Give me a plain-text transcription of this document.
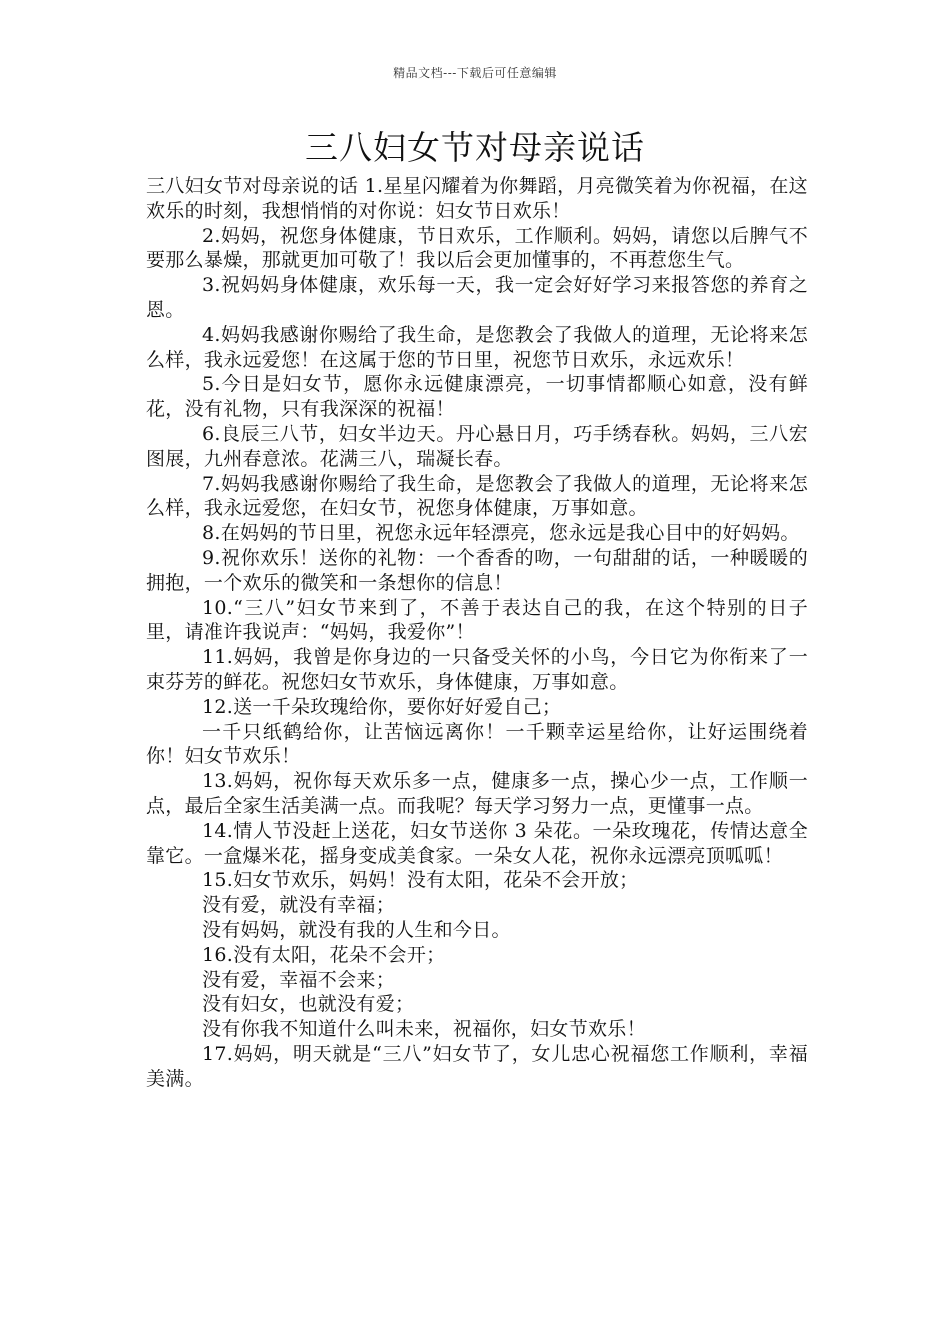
精品文档---下载后可任意编辑
三八妇女节对母亲说话

三八妇女节对母亲说的话 1.星星闪耀着为你舞蹈，月亮微笑着为你祝福，在这欢乐的时刻，我想悄悄的对你说：妇女节日欢乐！

2.妈妈，祝您身体健康，节日欢乐，工作顺利。妈妈，请您以后脾气不要那么暴燥，那就更加可敬了！我以后会更加懂事的，不再惹您生气。

3.祝妈妈身体健康，欢乐每一天，我一定会好好学习来报答您的养育之恩。

4.妈妈我感谢你赐给了我生命，是您教会了我做人的道理，无论将来怎么样，我永远爱您！在这属于您的节日里，祝您节日欢乐，永远欢乐！

5.今日是妇女节，愿你永远健康漂亮，一切事情都顺心如意，没有鲜花，没有礼物，只有我深深的祝福！

6.良辰三八节，妇女半边天。丹心悬日月，巧手绣春秋。妈妈，三八宏图展，九州春意浓。花满三八，瑞凝长春。

7.妈妈我感谢你赐给了我生命，是您教会了我做人的道理，无论将来怎么样，我永远爱您，在妇女节，祝您身体健康，万事如意。

8.在妈妈的节日里，祝您永远年轻漂亮，您永远是我心目中的好妈妈。

9.祝你欢乐！送你的礼物：一个香香的吻，一句甜甜的话，一种暖暖的拥抱，一个欢乐的微笑和一条想你的信息！

10.“三八”妇女节来到了，不善于表达自己的我，在这个特别的日子里，请准许我说声：“妈妈，我爱你”！

11.妈妈，我曾是你身边的一只备受关怀的小鸟，今日它为你衔来了一束芬芳的鲜花。祝您妇女节欢乐，身体健康，万事如意。

12.送一千朵玫瑰给你，要你好好爱自己；

一千只纸鹤给你，让苦恼远离你！一千颗幸运星给你，让好运围绕着你！妇女节欢乐！

13.妈妈，祝你每天欢乐多一点，健康多一点，操心少一点，工作顺一点，最后全家生活美满一点。而我呢？每天学习努力一点，更懂事一点。

14.情人节没赶上送花，妇女节送你 3 朵花。一朵玫瑰花，传情达意全靠它。一盒爆米花，摇身变成美食家。一朵女人花，祝你永远漂亮顶呱呱！

15.妇女节欢乐，妈妈！没有太阳，花朵不会开放；

没有爱，就没有幸福；

没有妈妈，就没有我的人生和今日。

16.没有太阳，花朵不会开；

没有爱，幸福不会来；

没有妇女，也就没有爱；

没有你我不知道什么叫未来，祝福你，妇女节欢乐！

17.妈妈，明天就是“三八”妇女节了，女儿忠心祝福您工作顺利，幸福美满。
